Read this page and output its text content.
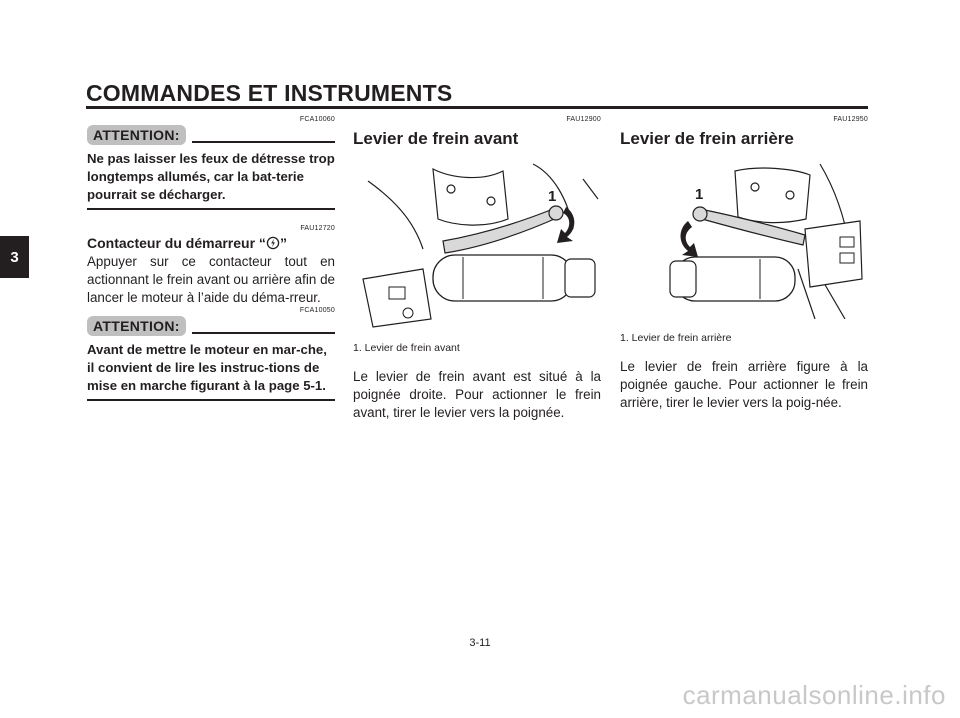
COMMANDES ET INSTRUMENTS
3
FCA10060
ATTENTION:
Ne pas laisser les feux de détresse trop longtemps allumés, car la bat-terie pourrait se décharger.
FAU12720
Contacteur du démarreur “ ”
Appuyer sur ce contacteur tout en actionnant le frein avant ou arrière afin de lancer le moteur à l’aide du déma-rreur.
FCA10050
ATTENTION:
Avant de mettre le moteur en mar-che, il convient de lire les instruc-tions de mise en marche figurant à la page 5-1.
FAU12900
Levier de frein avant
1
1. Levier de frein avant
Le levier de frein avant est situé à la poignée droite. Pour actionner le frein avant, tirer le levier vers la poignée.
FAU12950
Levier de frein arrière
1
1. Levier de frein arrière
Le levier de frein arrière figure à la poignée gauche. Pour actionner le frein arrière, tirer le levier vers la poig-née.
3-11
carmanualsonline.info
